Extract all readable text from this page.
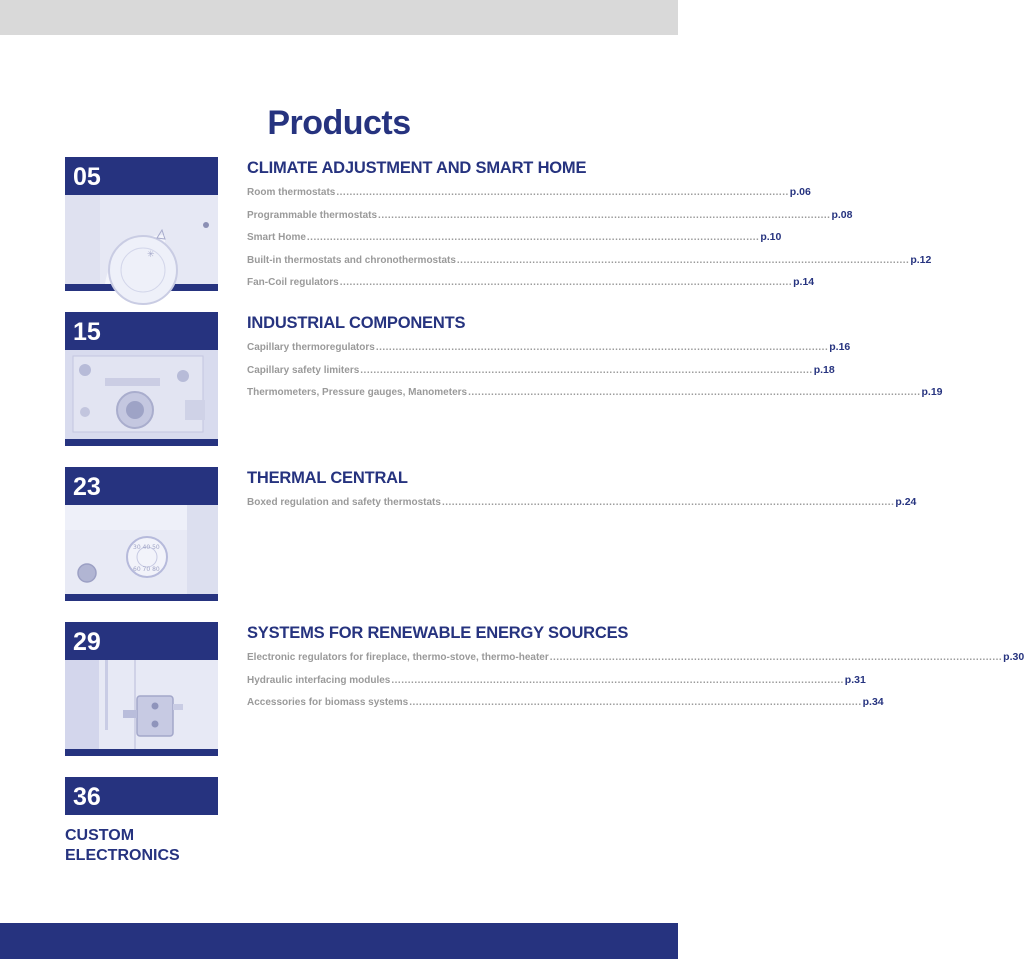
Products
05
✳
15
23
30 40 50
60 70 80
29
36
CUSTOM
ELECTRONICS
CLIMATE ADJUSTMENT AND SMART HOME
Room thermostats .......................................................................................................................................... p.06
Programmable thermostats .......................................................................................................................................... p.08
Smart Home .......................................................................................................................................... p.10
Built-in thermostats and chronothermostats .......................................................................................................................................... p.12
Fan-Coil regulators .......................................................................................................................................... p.14
INDUSTRIAL COMPONENTS
Capillary thermoregulators .......................................................................................................................................... p.16
Capillary safety limiters .......................................................................................................................................... p.18
Thermometers, Pressure gauges, Manometers .......................................................................................................................................... p.19
THERMAL CENTRAL
Boxed regulation and safety thermostats .......................................................................................................................................... p.24
SYSTEMS FOR RENEWABLE ENERGY SOURCES
Electronic regulators for fireplace, thermo-stove, thermo-heater .......................................................................................................................................... p.30
Hydraulic interfacing modules .......................................................................................................................................... p.31
Accessories for biomass systems .......................................................................................................................................... p.34
